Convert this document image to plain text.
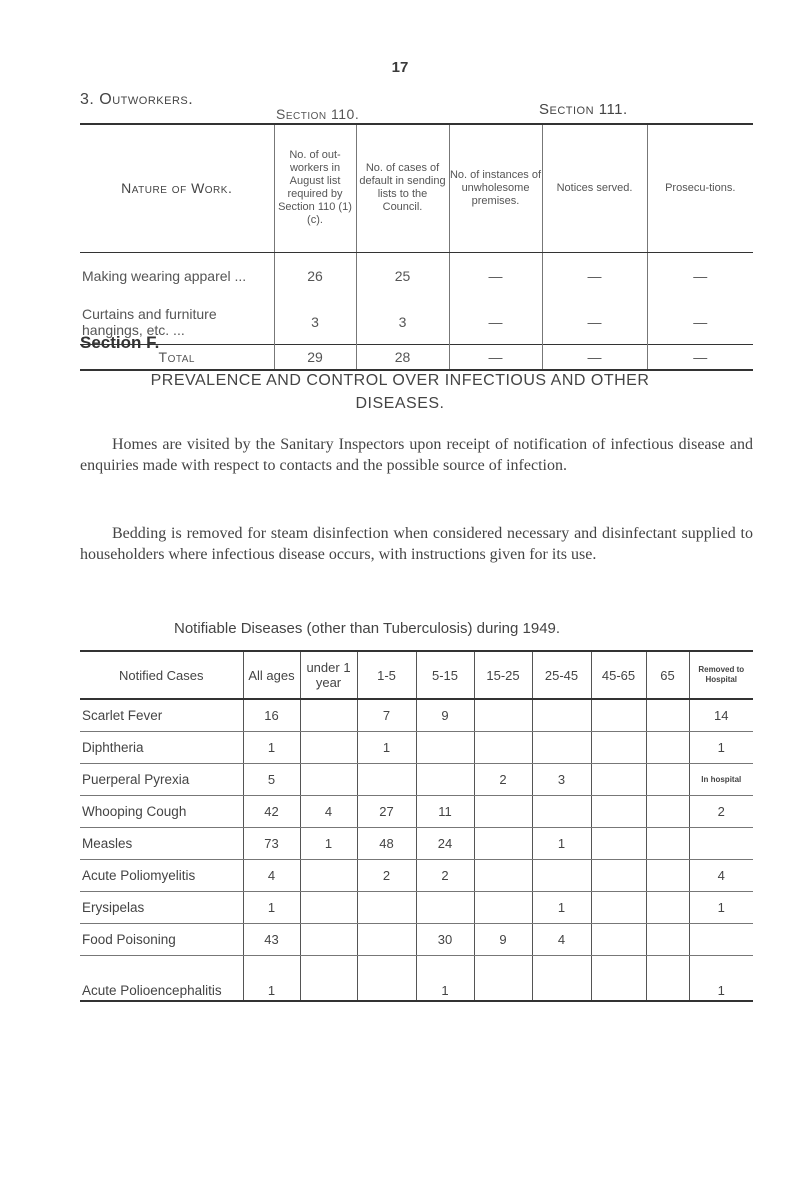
17
3. Outworkers.
Section 110.	Section 111.
Nature of Work.	No. of out-workers in August list required by Section 110 (1) (c).	No. of cases of default in sending lists to the Council.	No. of instances of unwholesome premises.	Notices served.	Prosecu-tions.
Making wearing apparel ...	26	25	—	—	—
Curtains and furniture hangings, etc. ...	3	3	—	—	—
Total	29	28	—	—	—
Section F.
PREVALENCE AND CONTROL OVER INFECTIOUS AND OTHER DISEASES.
Homes are visited by the Sanitary Inspectors upon receipt of notification of infectious disease and enquiries made with respect to contacts and the possible source of infection.
Bedding is removed for steam disinfection when considered necessary and disinfectant supplied to householders where infectious disease occurs, with instructions given for its use.
Notifiable Diseases (other than Tuberculosis) during 1949.
Notified Cases	All ages	under 1 year	1-5	5-15	15-25	25-45	45-65	65	Removed to Hospital
Scarlet Fever	16		7	9					14
Diphtheria	1		1						1
Puerperal Pyrexia	5				2	3			In hospital
Whooping Cough	42	4	27	11					2
Measles	73	1	48	24		1			
Acute Poliomyelitis	4		2	2					4
Erysipelas	1					1			1
Food Poisoning	43			30	9	4			
Acute Polioencephalitis	1			1					1
